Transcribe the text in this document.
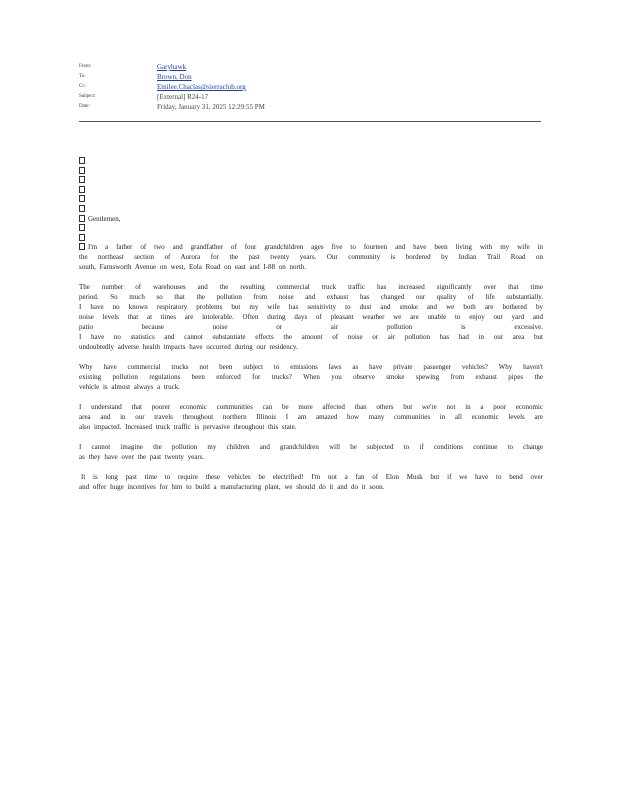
From:	Garyhawk
To:	Brown, Don
Cc:	Emilee.Chaclas@sierraclub.org
Subject:	[External] R24-17
Date:	Friday, January 31, 2025 12:29:55 PM
Gentlemen,
I'm a father of two and grandfather of four grandchildren ages five to fourteen and have been living with my wife in
the northeast section of Aurora for the past twenty years. Our community is bordered by Indian Trail Road on
south, Farnsworth Avenue on west, Eola Road on east and I-88 on north.
The number of warehouses and the resulting commercial truck traffic has increased significantly over that time
period. So much so that the pollution from noise and exhaust has changed our quality of life substantially.
I have no known respiratory problems but my wife has sensitivity to dust and smoke and we both are bothered by
noise levels that at times are intolerable. Often during days of pleasant weather we are unable to enjoy our yard and
patio because noise or air pollution is excessive.
I have no statistics and cannot substantiate effects the amount of noise or air pollution has had in our area but
undoubtedly adverse health impacts have occurred during our residency.
Why have commercial trucks not been subject to emissions laws as have private passenger vehicles? Why haven't
existing pollution regulations been enforced for trucks? When you observe smoke spewing from exhaust pipes the
vehicle is almost always a truck.
I understand that poorer economic communities can be more affected than others but we're not in a poor economic
area and in our travels throughout northern Illinois I am amazed how many communities in all economic levels are
also impacted. Increased truck traffic is pervasive throughout this state.
I cannot imagine the pollution my children and grandchildren will be subjected to if conditions continue to change
as they have over the past twenty years.
It is long past time to require these vehicles be electrified! I'm not a fan of Elon Musk but if we have to bend over
and offer huge incentives for him to build a manufacturing plant, we should do it and do it soon.
